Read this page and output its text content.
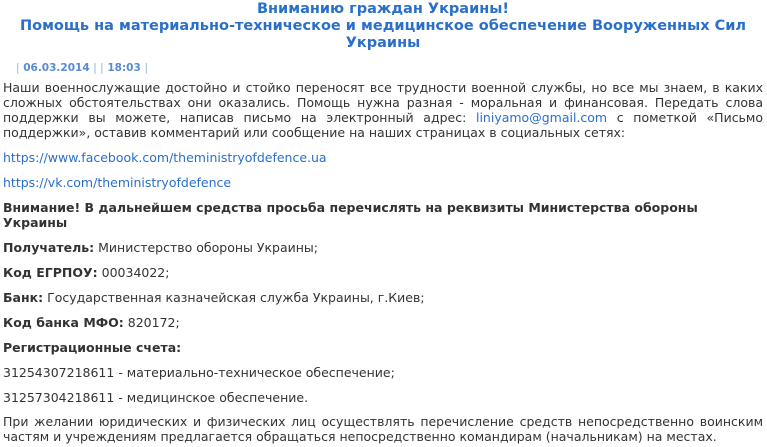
Вниманию граждан Украины!
Помощь на материально-техническое и медицинское обеспечение Вооруженных Сил Украины
| 06.03.2014 | | 18:03 |

Наши военнослужащие достойно и стойко переносят все трудности военной службы, но все мы знаем, в каких сложных обстоятельствах они оказались. Помощь нужна разная - моральная и финансовая. Передать слова поддержки вы можете, написав письмо на электронный адрес: liniyamo@gmail.com с пометкой «Письмо поддержки», оставив комментарий или сообщение на наших страницах в социальных сетях:

https://www.facebook.com/theministryofdefence.ua

https://vk.com/theministryofdefence

Внимание! В дальнейшем средства просьба перечислять на реквизиты Министерства обороны Украины

Получатель: Министерство обороны Украины;

Код ЕГРПОУ: 00034022;

Банк: Государственная казначейская служба Украины, г.Киев;

Код банка МФО: 820172;

Регистрационные счета:

31254307218611 - материально-техническое обеспечение;

31257304218611 - медицинское обеспечение.

При желании юридических и физических лиц осуществлять перечисление средств непосредственно воинским частям и учреждениям предлагается обращаться непосредственно командирам (начальникам) на местах.
